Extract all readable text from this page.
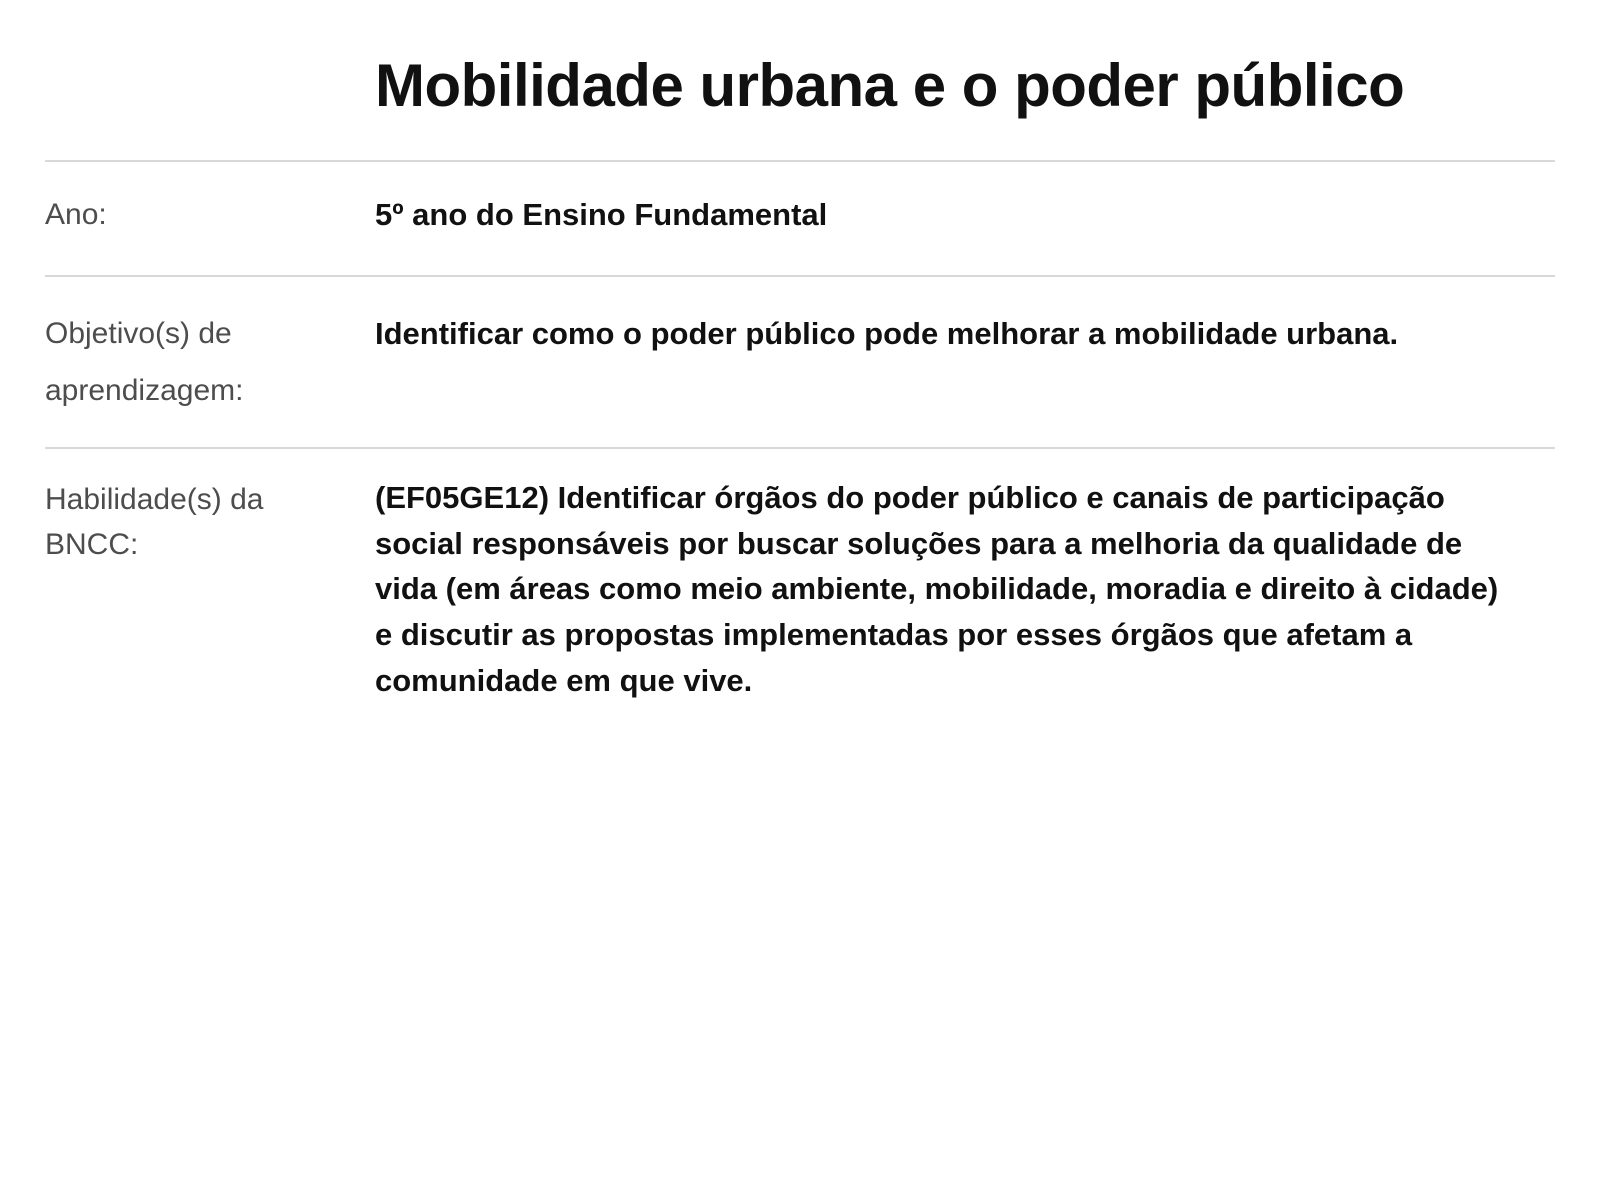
Mobilidade urbana e o poder público
Ano:	5º ano do Ensino Fundamental
Objetivo(s) de aprendizagem:
Identificar como o poder público pode melhorar a mobilidade urbana.
Habilidade(s) da BNCC:
(EF05GE12) Identificar órgãos do poder público e canais de participação social responsáveis por buscar soluções para a melhoria da qualidade de vida (em áreas como meio ambiente, mobilidade, moradia e direito à cidade) e discutir as propostas implementadas por esses órgãos que afetam a comunidade em que vive.
